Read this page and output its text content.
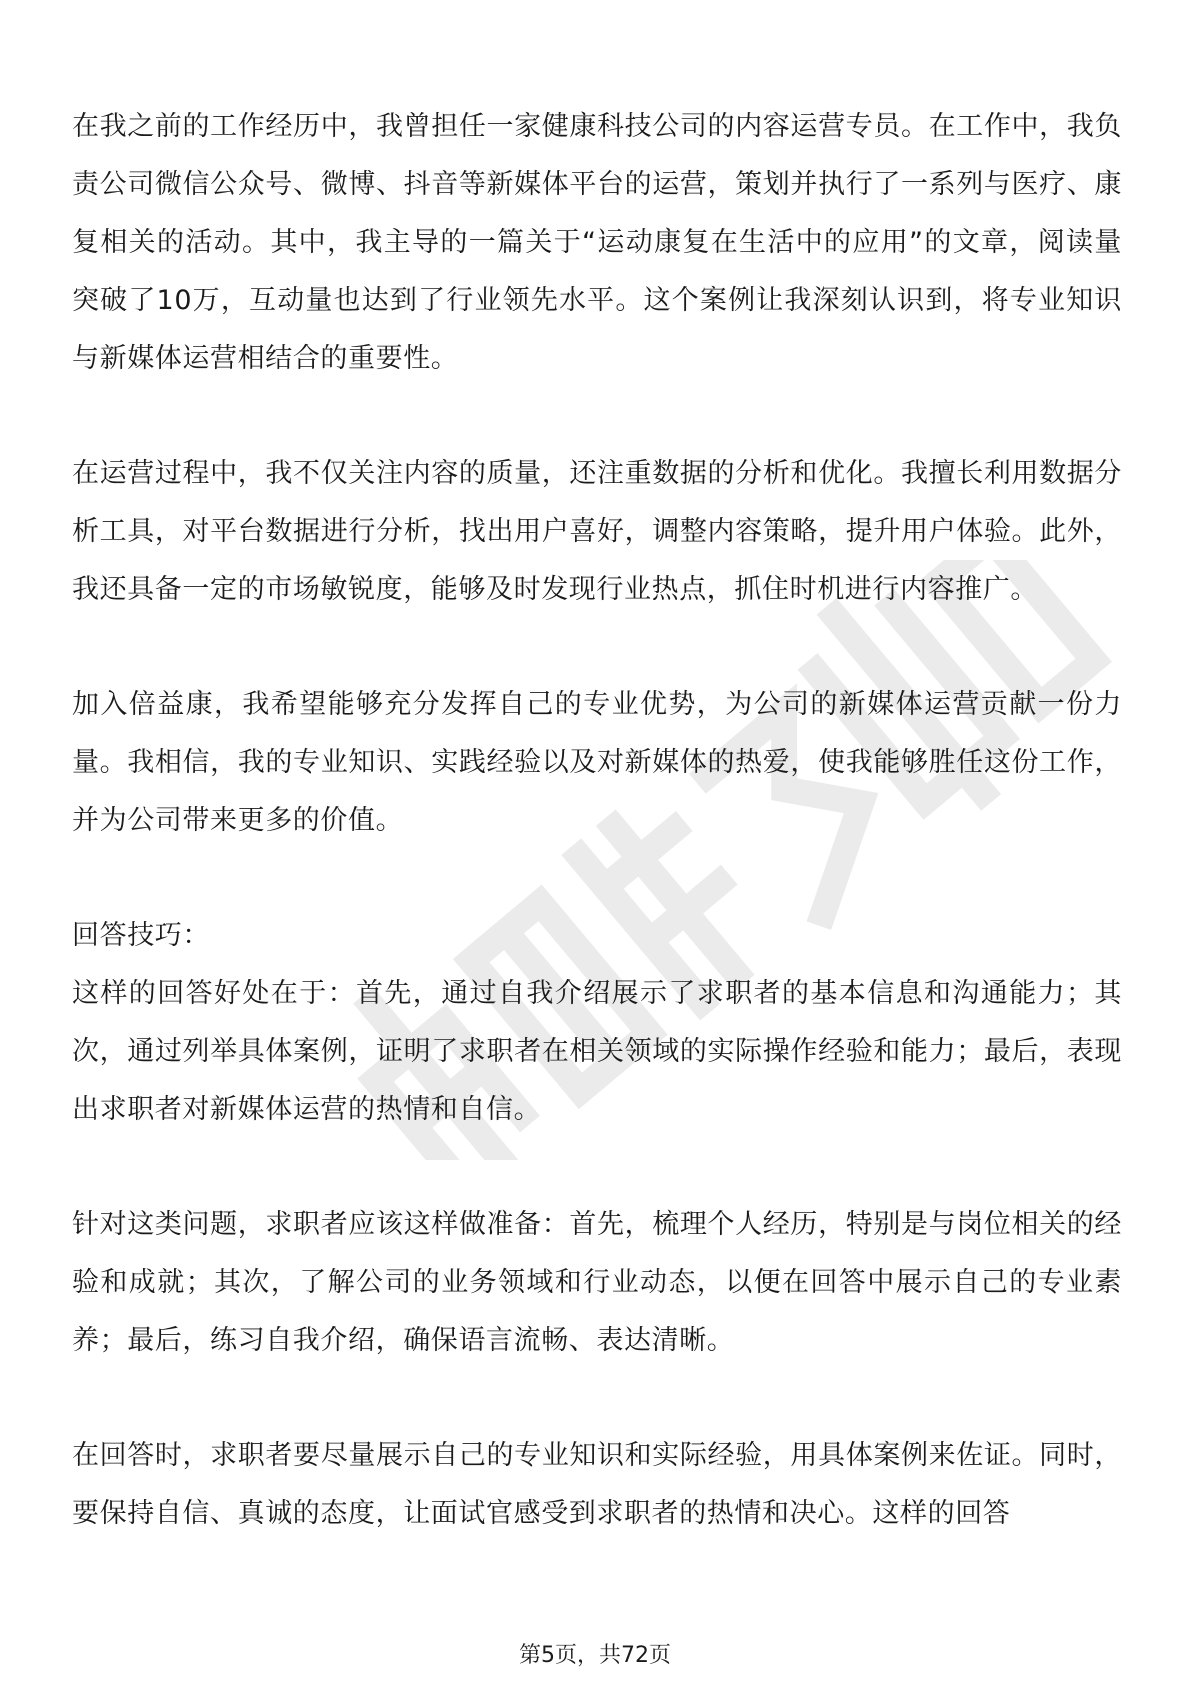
在我之前的工作经历中，我曾担任一家健康科技公司的内容运营专员。在工作中，我负责公司微信公众号、微博、抖音等新媒体平台的运营，策划并执行了一系列与医疗、康复相关的活动。其中，我主导的一篇关于“运动康复在生活中的应用”的文章，阅读量突破了10万，互动量也达到了行业领先水平。这个案例让我深刻认识到，将专业知识与新媒体运营相结合的重要性。

在运营过程中，我不仅关注内容的质量，还注重数据的分析和优化。我擅长利用数据分析工具，对平台数据进行分析，找出用户喜好，调整内容策略，提升用户体验。此外，我还具备一定的市场敏锐度，能够及时发现行业热点，抓住时机进行内容推广。

加入倍益康，我希望能够充分发挥自己的专业优势，为公司的新媒体运营贡献一份力量。我相信，我的专业知识、实践经验以及对新媒体的热爱，使我能够胜任这份工作，并为公司带来更多的价值。

回答技巧：

这样的回答好处在于：首先，通过自我介绍展示了求职者的基本信息和沟通能力；其次，通过列举具体案例，证明了求职者在相关领域的实际操作经验和能力；最后，表现出求职者对新媒体运营的热情和自信。

针对这类问题，求职者应该这样做准备：首先，梳理个人经历，特别是与岗位相关的经验和成就；其次，了解公司的业务领域和行业动态，以便在回答中展示自己的专业素养；最后，练习自我介绍，确保语言流畅、表达清晰。

在回答时，求职者要尽量展示自己的专业知识和实际经验，用具体案例来佐证。同时，要保持自信、真诚的态度，让面试官感受到求职者的热情和决心。这样的回答

第5页，共72页
